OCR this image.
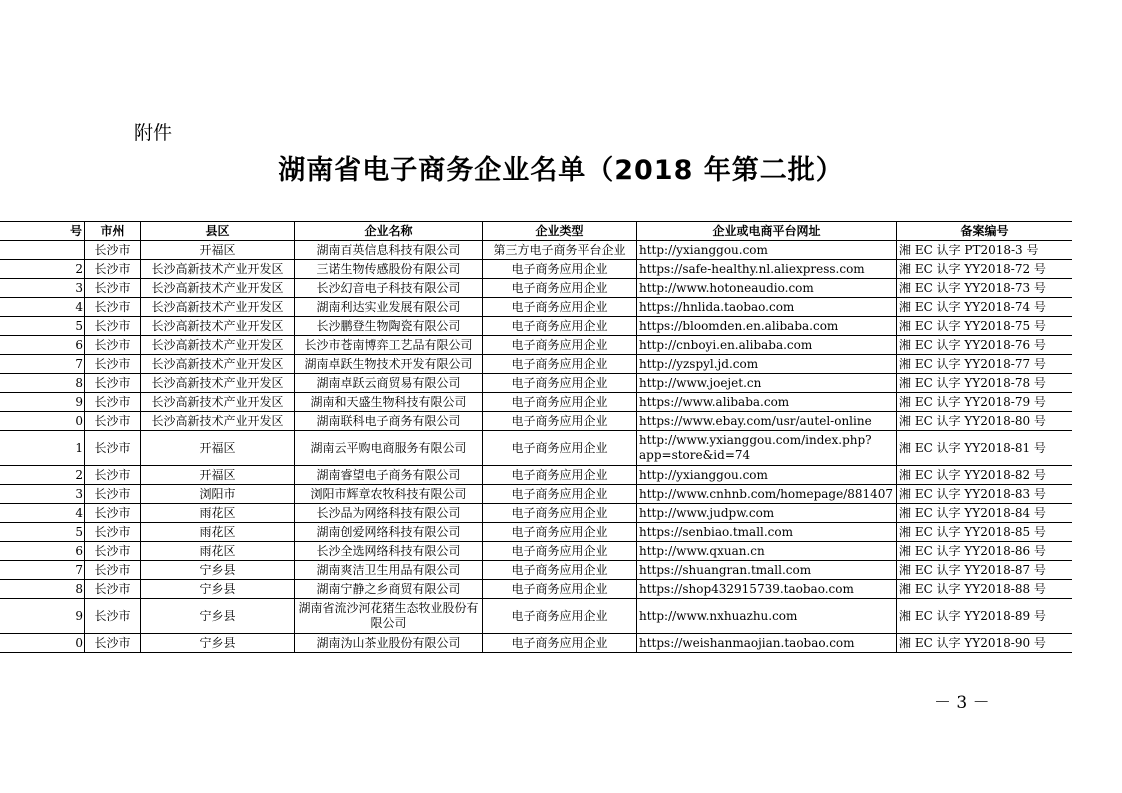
附件
湖南省电子商务企业名单（2018 年第二批）
号	市州	县区	企业名称	企业类型	企业或电商平台网址	备案编号
	长沙市	开福区	湖南百英信息科技有限公司	第三方电子商务平台企业	http://yxianggou.com	湘 EC 认字 PT2018-3 号
2	长沙市	长沙高新技术产业开发区	三诺生物传感股份有限公司	电子商务应用企业	https://safe-healthy.nl.aliexpress.com	湘 EC 认字 YY2018-72 号
3	长沙市	长沙高新技术产业开发区	长沙幻音电子科技有限公司	电子商务应用企业	http://www.hotoneaudio.com	湘 EC 认字 YY2018-73 号
4	长沙市	长沙高新技术产业开发区	湖南利达实业发展有限公司	电子商务应用企业	https://hnlida.taobao.com	湘 EC 认字 YY2018-74 号
5	长沙市	长沙高新技术产业开发区	长沙鹏登生物陶瓷有限公司	电子商务应用企业	https://bloomden.en.alibaba.com	湘 EC 认字 YY2018-75 号
6	长沙市	长沙高新技术产业开发区	长沙市苍南博弈工艺品有限公司	电子商务应用企业	http://cnboyi.en.alibaba.com	湘 EC 认字 YY2018-76 号
7	长沙市	长沙高新技术产业开发区	湖南卓跃生物技术开发有限公司	电子商务应用企业	http://yzspyl.jd.com	湘 EC 认字 YY2018-77 号
8	长沙市	长沙高新技术产业开发区	湖南卓跃云商贸易有限公司	电子商务应用企业	http://www.joejet.cn	湘 EC 认字 YY2018-78 号
9	长沙市	长沙高新技术产业开发区	湖南和天盛生物科技有限公司	电子商务应用企业	https://www.alibaba.com	湘 EC 认字 YY2018-79 号
0	长沙市	长沙高新技术产业开发区	湖南联科电子商务有限公司	电子商务应用企业	https://www.ebay.com/usr/autel-online	湘 EC 认字 YY2018-80 号
1	长沙市	开福区	湖南云平购电商服务有限公司	电子商务应用企业	http://www.yxianggou.com/index.php?app=store&id=74	湘 EC 认字 YY2018-81 号
2	长沙市	开福区	湖南睿望电子商务有限公司	电子商务应用企业	http://yxianggou.com	湘 EC 认字 YY2018-82 号
3	长沙市	浏阳市	浏阳市辉章农牧科技有限公司	电子商务应用企业	http://www.cnhnb.com/homepage/881407	湘 EC 认字 YY2018-83 号
4	长沙市	雨花区	长沙品为网络科技有限公司	电子商务应用企业	http://www.judpw.com	湘 EC 认字 YY2018-84 号
5	长沙市	雨花区	湖南创爱网络科技有限公司	电子商务应用企业	https://senbiao.tmall.com	湘 EC 认字 YY2018-85 号
6	长沙市	雨花区	长沙全选网络科技有限公司	电子商务应用企业	http://www.qxuan.cn	湘 EC 认字 YY2018-86 号
7	长沙市	宁乡县	湖南爽洁卫生用品有限公司	电子商务应用企业	https://shuangran.tmall.com	湘 EC 认字 YY2018-87 号
8	长沙市	宁乡县	湖南宁静之乡商贸有限公司	电子商务应用企业	https://shop432915739.taobao.com	湘 EC 认字 YY2018-88 号
9	长沙市	宁乡县	湖南省流沙河花猪生态牧业股份有限公司	电子商务应用企业	http://www.nxhuazhu.com	湘 EC 认字 YY2018-89 号
0	长沙市	宁乡县	湖南沩山茶业股份有限公司	电子商务应用企业	https://weishanmaojian.taobao.com	湘 EC 认字 YY2018-90 号
－ 3 －
